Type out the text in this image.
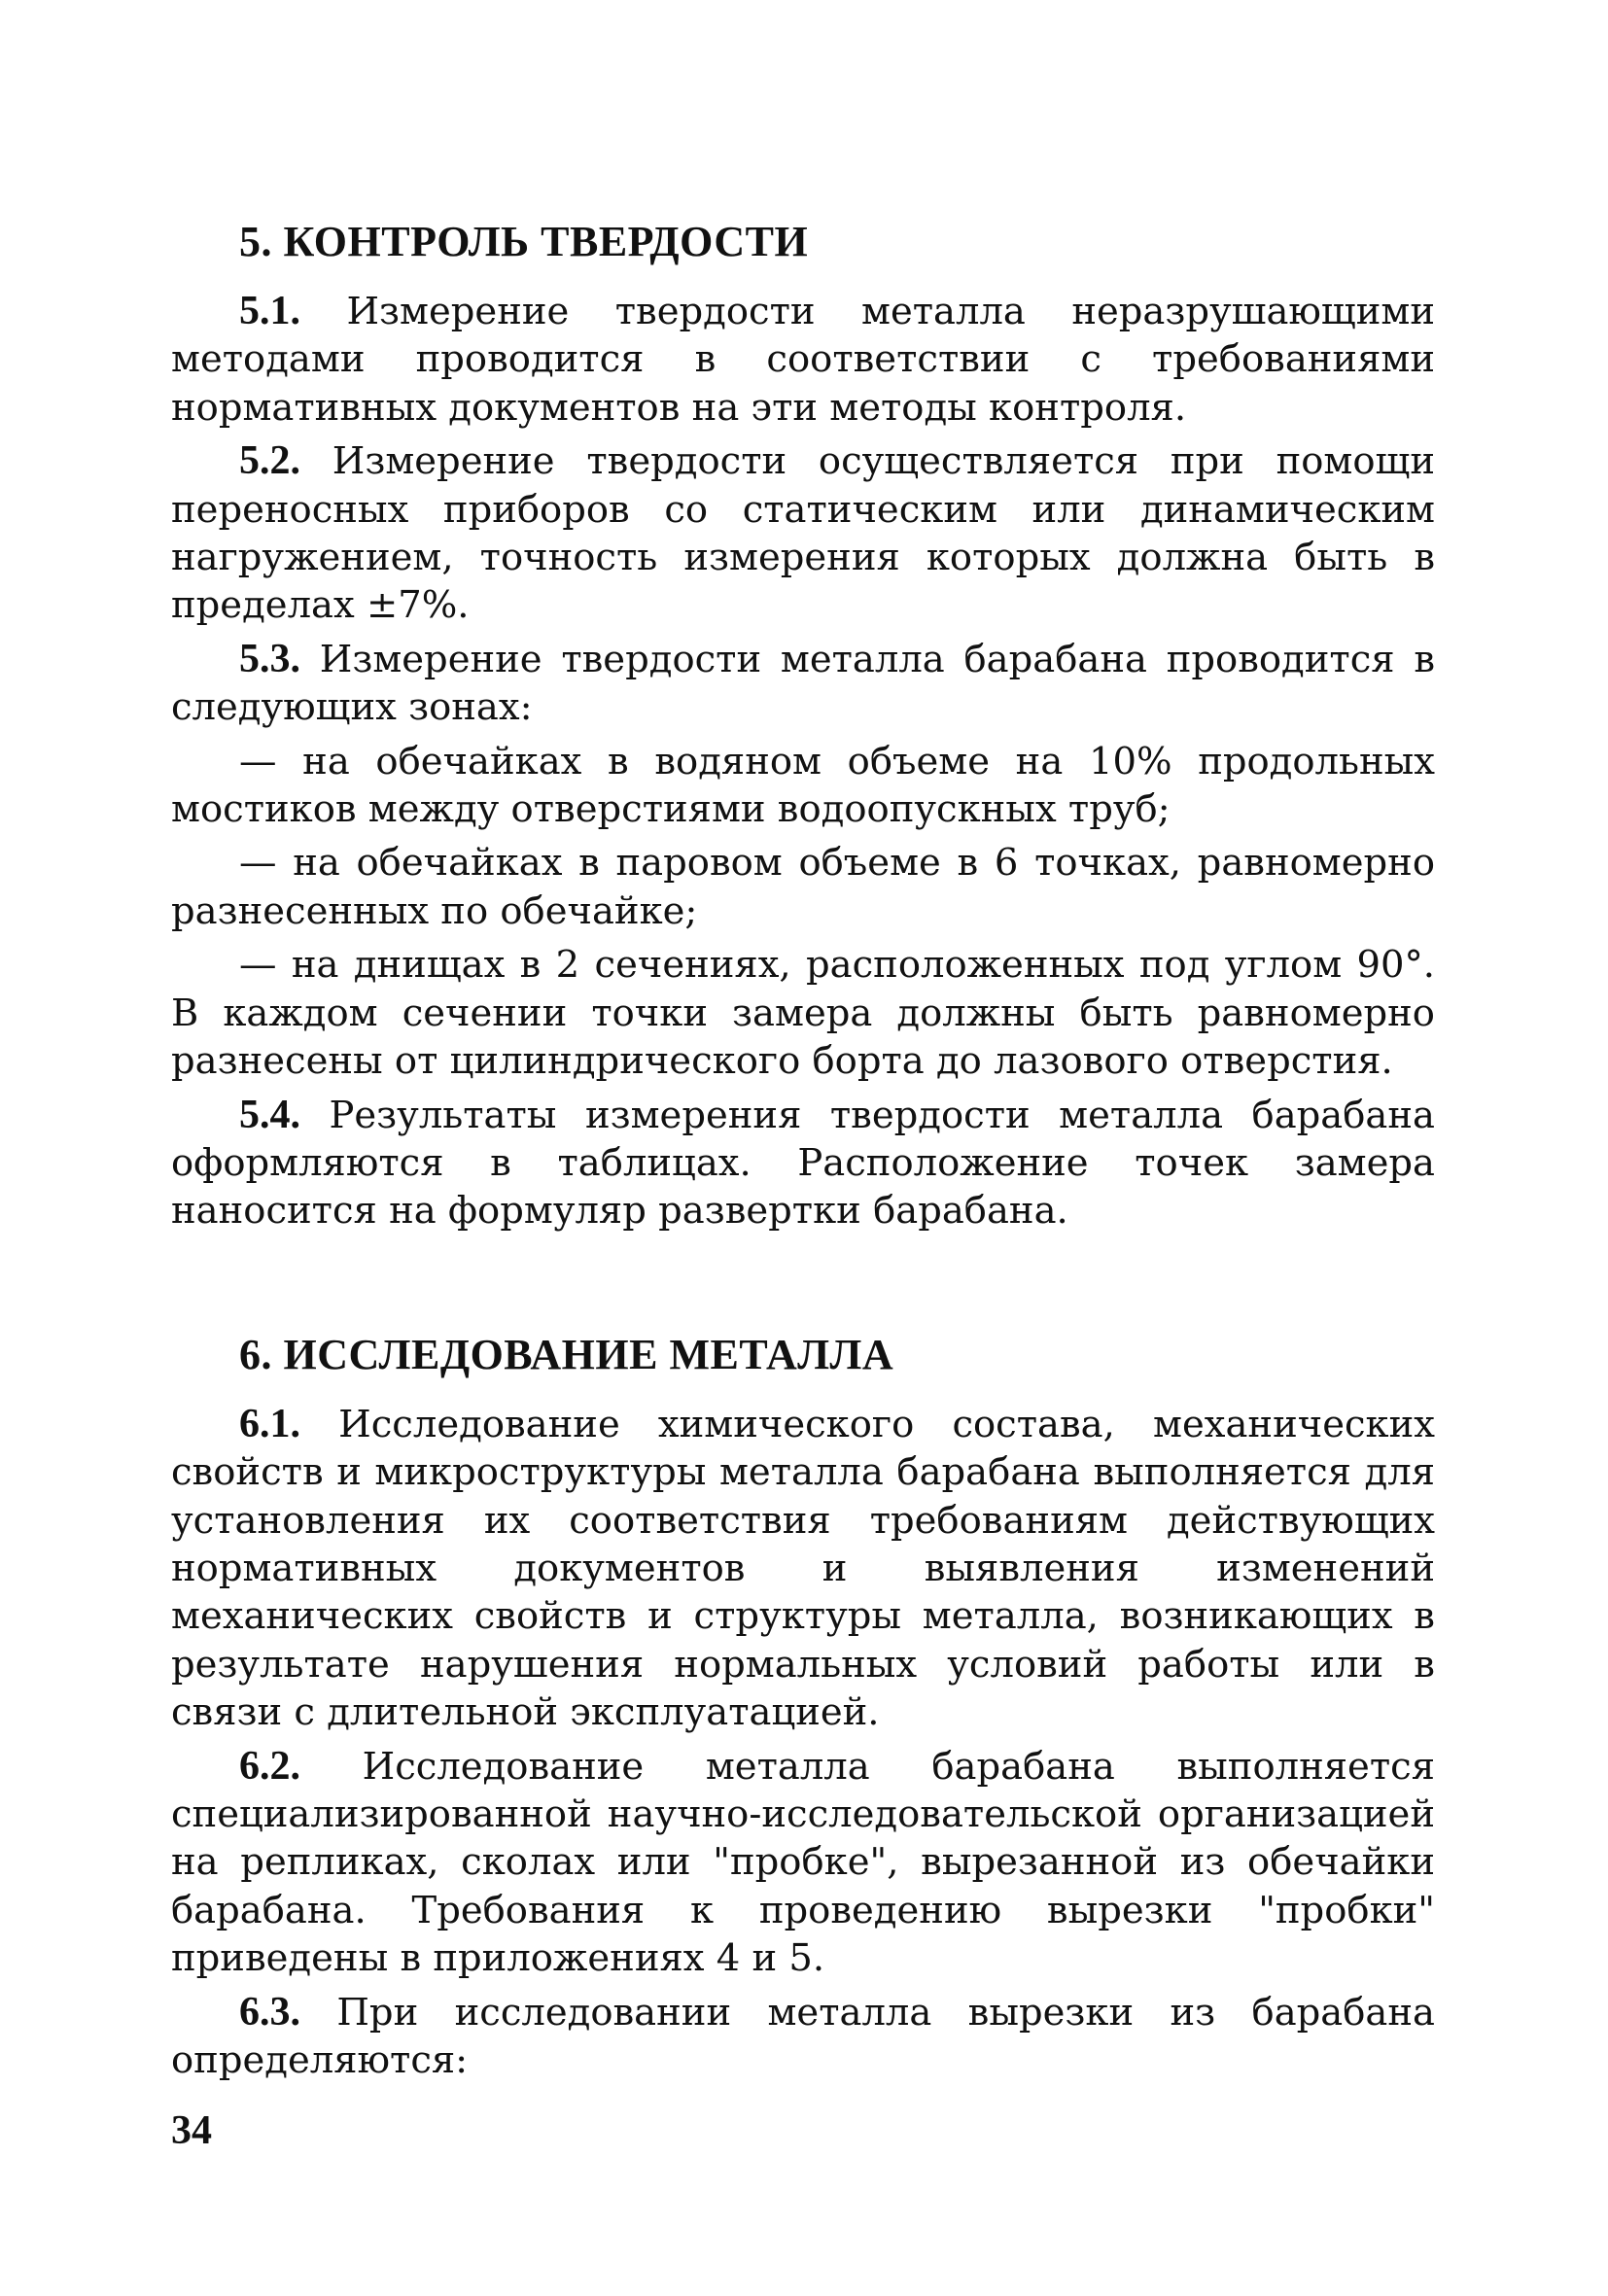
5. КОНТРОЛЬ ТВЕРДОСТИ

5.1. Измерение твердости металла неразрушающими методами проводится в соответствии с требованиями нормативных документов на эти методы контроля.

5.2. Измерение твердости осуществляется при помощи переносных приборов со статическим или динамическим нагружением, точность измерения которых должна быть в пределах ±7%.

5.3. Измерение твердости металла барабана проводится в следующих зонах:

— на обечайках в водяном объеме на 10% продольных мостиков между отверстиями водоопускных труб;

— на обечайках в паровом объеме в 6 точках, равномерно разнесенных по обечайке;

— на днищах в 2 сечениях, расположенных под углом 90°. В каждом сечении точки замера должны быть равномерно разнесены от цилиндрического борта до лазового отверстия.

5.4. Результаты измерения твердости металла барабана оформляются в таблицах. Расположение точек замера наносится на формуляр развертки барабана.

6. ИССЛЕДОВАНИЕ МЕТАЛЛА

6.1. Исследование химического состава, механических свойств и микроструктуры металла барабана выполняется для установления их соответствия требованиям действующих нормативных документов и выявления изменений механических свойств и структуры металла, возникающих в результате нарушения нормальных условий работы или в связи с длительной эксплуатацией.

6.2. Исследование металла барабана выполняется специализированной научно-исследовательской организацией на репликах, сколах или "пробке", вырезанной из обечайки барабана. Требования к проведению вырезки "пробки" приведены в приложениях 4 и 5.

6.3. При исследовании металла вырезки из барабана определяются:

34
